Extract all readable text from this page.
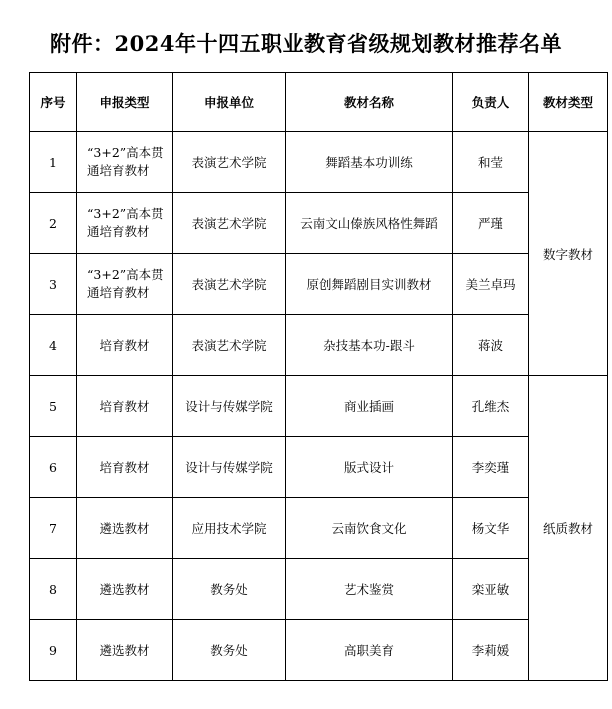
附件：2024年十四五职业教育省级规划教材推荐名单
序号	申报类型	申报单位	教材名称	负责人	教材类型
1	“3+2”高本贯通培育教材	表演艺术学院	舞蹈基本功训练	和莹	数字教材
2	“3+2”高本贯通培育教材	表演艺术学院	云南文山傣族风格性舞蹈	严瑾	
3	“3+2”高本贯通培育教材	表演艺术学院	原创舞蹈剧目实训教材	美兰卓玛	
4	培育教材	表演艺术学院	杂技基本功-跟斗	蒋波	
5	培育教材	设计与传媒学院	商业插画	孔维杰	纸质教材
6	培育教材	设计与传媒学院	版式设计	李奕瑾	
7	遴选教材	应用技术学院	云南饮食文化	杨文华	
8	遴选教材	教务处	艺术鉴赏	栾亚敏	
9	遴选教材	教务处	高职美育	李莉媛	
